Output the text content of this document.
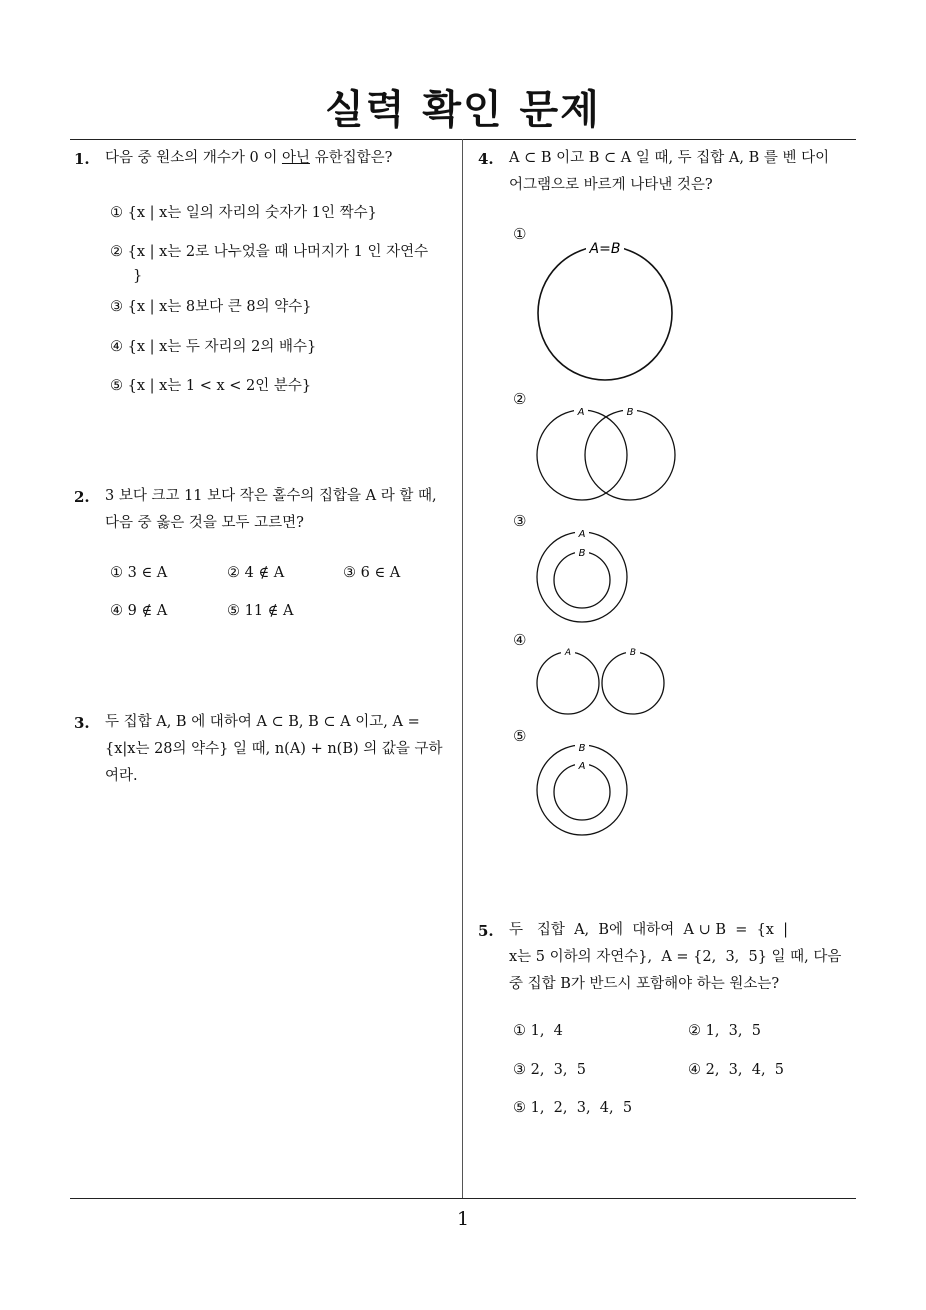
실력 확인 문제
1. 다음 중 원소의 개수가 0 이 아닌 유한집합은?
① {x | x는 일의 자리의 숫자가 1인 짝수}
② {x | x는 2로 나누었을 때 나머지가 1 인 자연수
}
③ {x | x는 8보다 큰 8의 약수}
④ {x | x는 두 자리의 2의 배수}
⑤ {x | x는 1 < x < 2인 분수}
2. 3 보다 크고 11 보다 작은 홀수의 집합을 A 라 할 때,
다음 중 옳은 것을 모두 고르면?
① 3 ∈ A	② 4 ∉ A	③ 6 ∈ A
④ 9 ∉ A	⑤ 11 ∉ A
3. 두 집합 A, B 에 대하여 A ⊂ B, B ⊂ A 이고, A =
{x|x는 28의 약수} 일 때, n(A) + n(B) 의 값을 구하
여라.
4. A ⊂ B 이고 B ⊂ A 일 때, 두 집합 A, B 를 벤 다이
어그램으로 바르게 나타낸 것은?
①
A=B
②
A	B
③
A
B
④
A	B
⑤
B
A
5. 두   집합  A,  B에  대하여  A ∪ B  =  {x  |
x는 5 이하의 자연수},  A = {2,  3,  5} 일 때, 다음
중 집합 B가 반드시 포함해야 하는 원소는?
① 1,  4	② 1,  3,  5
③ 2,  3,  5	④ 2,  3,  4,  5
⑤ 1,  2,  3,  4,  5
1
